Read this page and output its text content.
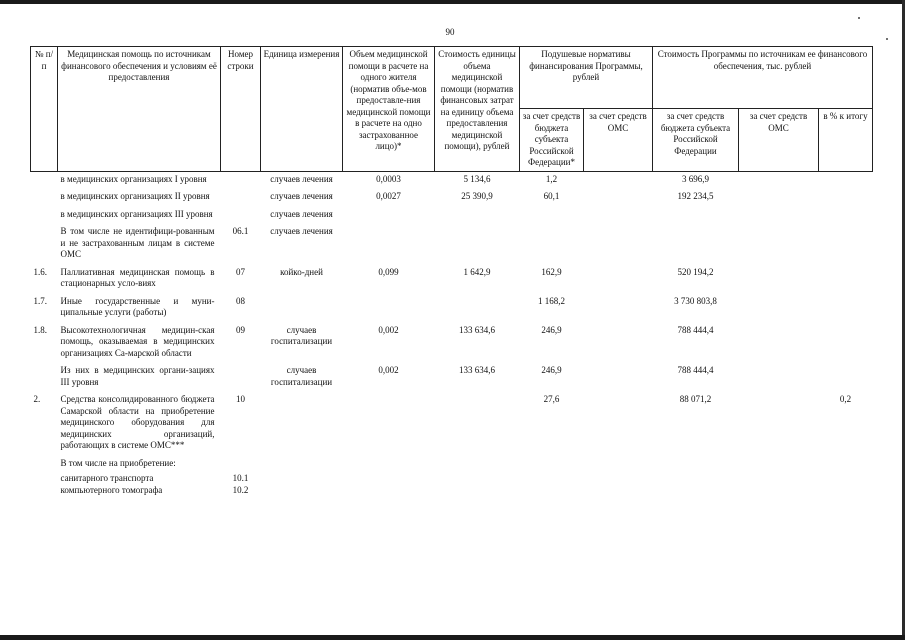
90
№ п/п	Медицинская помощь по источникам финансового обеспечения и условиям её предоставления	Номер строки	Единица измерения	Объем медицинской помощи в расчете на одного жителя (норматив объе-мов предоставле-ния медицинской помощи в расчете на одно застрахованное лицо)*	Стоимость единицы объема медицинской помощи (норматив финансовых затрат на единицу объема предоставления медицинской помощи), рублей	Подушевые нормативы финансирования Программы, рублей		Стоимость Программы по источникам ее финансового обеспечения, тыс. рублей		
						за счет средств бюджета субъекта Российской Федерации*	за счет средств ОМС	за счет средств бюджета субъекта Российской Федерации	за счет средств ОМС	в % к итогу
	в медицинских организациях I уровня		случаев лечения	0,0003	5 134,6	1,2		3 696,9		
	в медицинских организациях II уровня		случаев лечения	0,0027	25 390,9	60,1		192 234,5		
	в медицинских организациях III уровня		случаев лечения							
	В том числе не идентифици-рованным и не застрахованным лицам в системе ОМС	06.1	случаев лечения							
1.6.	Паллиативная медицинская помощь в стационарных усло-виях	07	койко-дней	0,099	1 642,9	162,9		520 194,2		
1.7.	Иные государственные и муни-ципальные услуги (работы)	08				1 168,2		3 730 803,8		
1.8.	Высокотехнологичная медицин-ская помощь, оказываемая в медицинских организациях Са-марской области	09	случаев госпитализации	0,002	133 634,6	246,9		788 444,4		
	Из них в медицинских органи-зациях III уровня		случаев госпитализации	0,002	133 634,6	246,9		788 444,4		
2.	Средства консолидированного бюджета Самарской области на приобретение медицинского оборудования для медицинских организаций, работающих в системе ОМС***	10				27,6		88 071,2		0,2
	В том числе на приобретение:									
	санитарного транспорта	10.1								
	компьютерного томографа	10.2								
